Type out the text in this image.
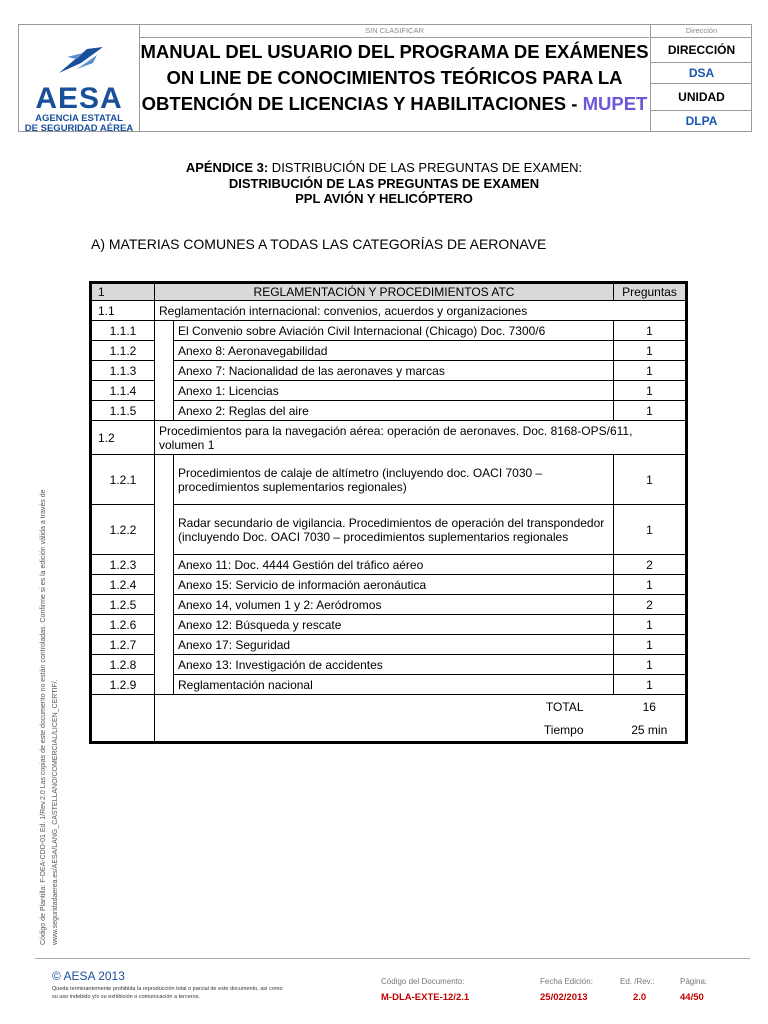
AESA
AGENCIA ESTATAL
DE SEGURIDAD AÉREA
SIN CLASIFICAR
MANUAL DEL USUARIO DEL PROGRAMA DE EXÁMENES
ON LINE DE CONOCIMIENTOS TEÓRICOS PARA LA
OBTENCIÓN DE LICENCIAS Y HABILITACIONES - MUPET
Dirección
DIRECCIÓN
DSA
UNIDAD
DLPA
APÉNDICE 3: DISTRIBUCIÓN DE LAS PREGUNTAS DE EXAMEN:
DISTRIBUCIÓN DE LAS PREGUNTAS DE EXAMEN
PPL AVIÓN Y HELICÓPTERO
A) MATERIAS COMUNES A TODAS LAS CATEGORÍAS DE AERONAVE
1	REGLAMENTACIÓN Y PROCEDIMIENTOS ATC		Preguntas
1.1	Reglamentación internacional: convenios, acuerdos y organizaciones		
1.1.1		El Convenio sobre Aviación Civil Internacional (Chicago) Doc. 7300/6	1
1.1.2		Anexo 8: Aeronavegabilidad	1
1.1.3		Anexo 7: Nacionalidad de las aeronaves y marcas	1
1.1.4		Anexo 1: Licencias	1
1.1.5		Anexo 2: Reglas del aire	1
1.2	Procedimientos para la navegación aérea: operación de aeronaves. Doc. 8168-OPS/611, volumen 1		
1.2.1		Procedimientos de calaje de altímetro (incluyendo doc. OACI 7030 – procedimientos suplementarios regionales)	1
1.2.2		Radar secundario de vigilancia. Procedimientos de operación del transpondedor (incluyendo Doc. OACI 7030 – procedimientos suplementarios regionales	1
1.2.3		Anexo 11: Doc. 4444 Gestión del tráfico aéreo	2
1.2.4		Anexo 15: Servicio de información aeronáutica	1
1.2.5		Anexo 14, volumen 1 y 2: Aeródromos	2
1.2.6		Anexo 12: Búsqueda y rescate	1
1.2.7		Anexo 17: Seguridad	1
1.2.8		Anexo 13: Investigación de accidentes	1
1.2.9		Reglamentación nacional	1
	TOTAL		16
	Tiempo		25 min
Código de Plantilla: F-DEA-CDD-01 Ed. 1/Rev.2.0 Las copias de este documento no están controladas. Confirme si es la edición válida a través de www.seguridadaerea.es/AESA/LANG_CASTELLANO/COMERCIAL/LICEN_CERTIF/.
© AESA 2013
Queda terminantemente prohibida la reproducción total o parcial de este documento, así como
su uso indebido y/o su exhibición o comunicación a terceros.
Código del Documento:
M-DLA-EXTE-12/2.1
Fecha Edición:
25/02/2013
Ed. /Rev.:
2.0
Página:
44/50
